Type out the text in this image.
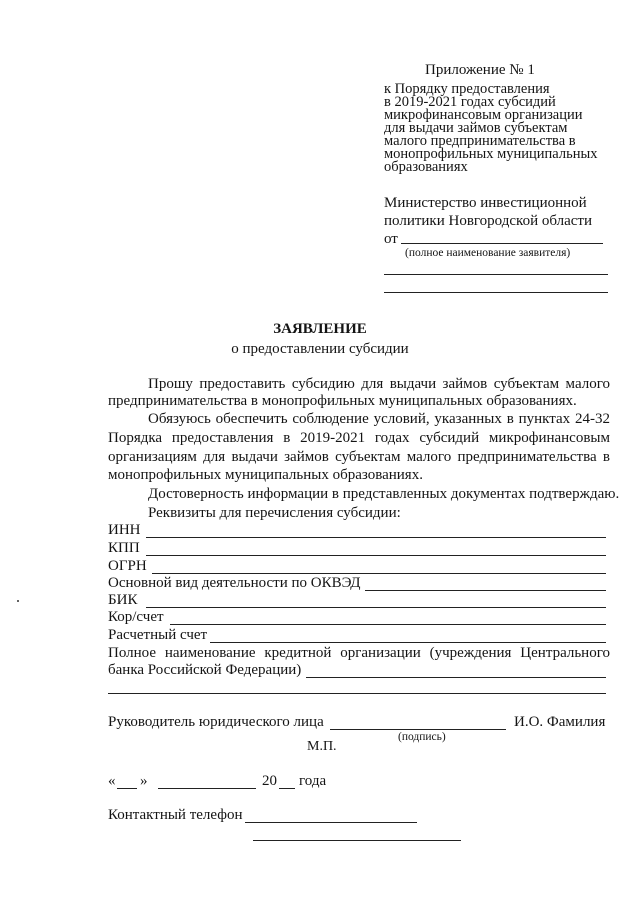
Приложение № 1
к Порядку предоставления
в 2019-2021 годах субсидий
микрофинансовым организации
для выдачи займов субъектам
малого предпринимательства в
монопрофильных муниципальных
образованиях
Министерство инвестиционной
политики Новгородской области
от
(полное наименование заявителя)
ЗАЯВЛЕНИЕ
о предоставлении субсидии
Прошу предоставить субсидию для выдачи займов субъектам малого
предпринимательства в монопрофильных муниципальных образованиях.
Обязуюсь обеспечить соблюдение условий, указанных в пунктах 24-32
Порядка предоставления в 2019-2021 годах субсидий микрофинансовым
организациям для выдачи займов субъектам малого предпринимательства в
монопрофильных муниципальных образованиях.
Достоверность информации в представленных документах подтверждаю.
Реквизиты для перечисления субсидии:
ИНН
КПП
ОГРН
Основной вид деятельности по ОКВЭД
БИК
Кор/счет
Расчетный счет
Полное наименование кредитной организации (учреждения Центрального
банка Российской Федерации)
Руководитель юридического лица	И.О. Фамилия
(подпись)
М.П.
« »	20 года
Контактный телефон
